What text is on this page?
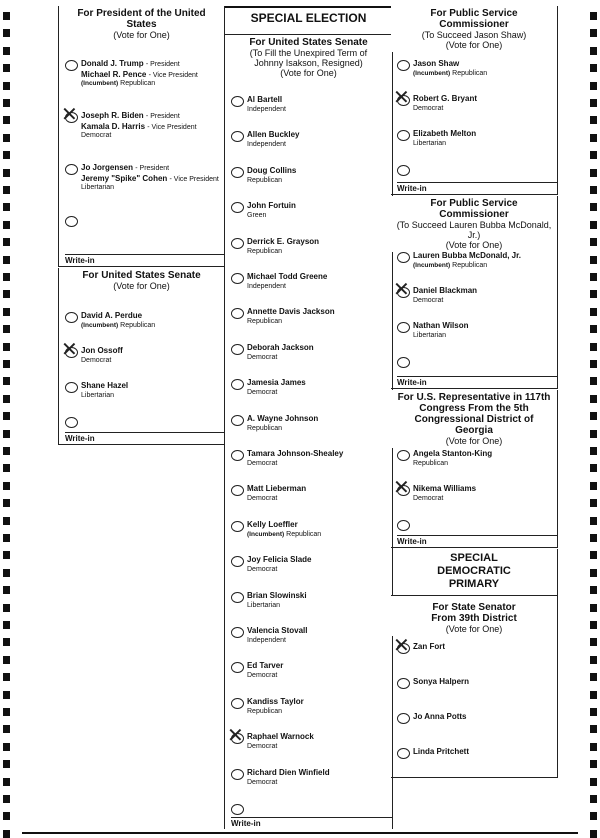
For President of the United States
(Vote for One)
Donald J. Trump - President
Michael R. Pence - Vice President
(Incumbent) Republican
✕ Joseph R. Biden - President
Kamala D. Harris - Vice President
Democrat
Jo Jorgensen - President
Jeremy "Spike" Cohen - Vice President
Libertarian
Write-in
For United States Senate
(Vote for One)
David A. Perdue
(Incumbent) Republican
✕ Jon Ossoff
Democrat
Shane Hazel
Libertarian
Write-in
SPECIAL ELECTION
For United States Senate
(To Fill the Unexpired Term of Johnny Isakson, Resigned)
(Vote for One)
Al Bartell
Independent
Allen Buckley
Independent
Doug Collins
Republican
John Fortuin
Green
Derrick E. Grayson
Republican
Michael Todd Greene
Independent
Annette Davis Jackson
Republican
Deborah Jackson
Democrat
Jamesia James
Democrat
A. Wayne Johnson
Republican
Tamara Johnson-Shealey
Democrat
Matt Lieberman
Democrat
Kelly Loeffler
(Incumbent) Republican
Joy Felicia Slade
Democrat
Brian Slowinski
Libertarian
Valencia Stovall
Independent
Ed Tarver
Democrat
Kandiss Taylor
Republican
✕ Raphael Warnock
Democrat
Richard Dien Winfield
Democrat
Write-in
For Public Service Commissioner
(To Succeed Jason Shaw)
(Vote for One)
Jason Shaw
(Incumbent) Republican
✕ Robert G. Bryant
Democrat
Elizabeth Melton
Libertarian
Write-in
For Public Service Commissioner
(To Succeed Lauren Bubba McDonald, Jr.)
(Vote for One)
Lauren Bubba McDonald, Jr.
(Incumbent) Republican
✕ Daniel Blackman
Democrat
Nathan Wilson
Libertarian
Write-in
For U.S. Representative in 117th Congress From the 5th Congressional District of Georgia
(Vote for One)
Angela Stanton-King
Republican
✕ Nikema Williams
Democrat
Write-in
SPECIAL DEMOCRATIC PRIMARY
For State Senator From 39th District
(Vote for One)
✕ Zan Fort
Sonya Halpern
Jo Anna Potts
Linda Pritchett
